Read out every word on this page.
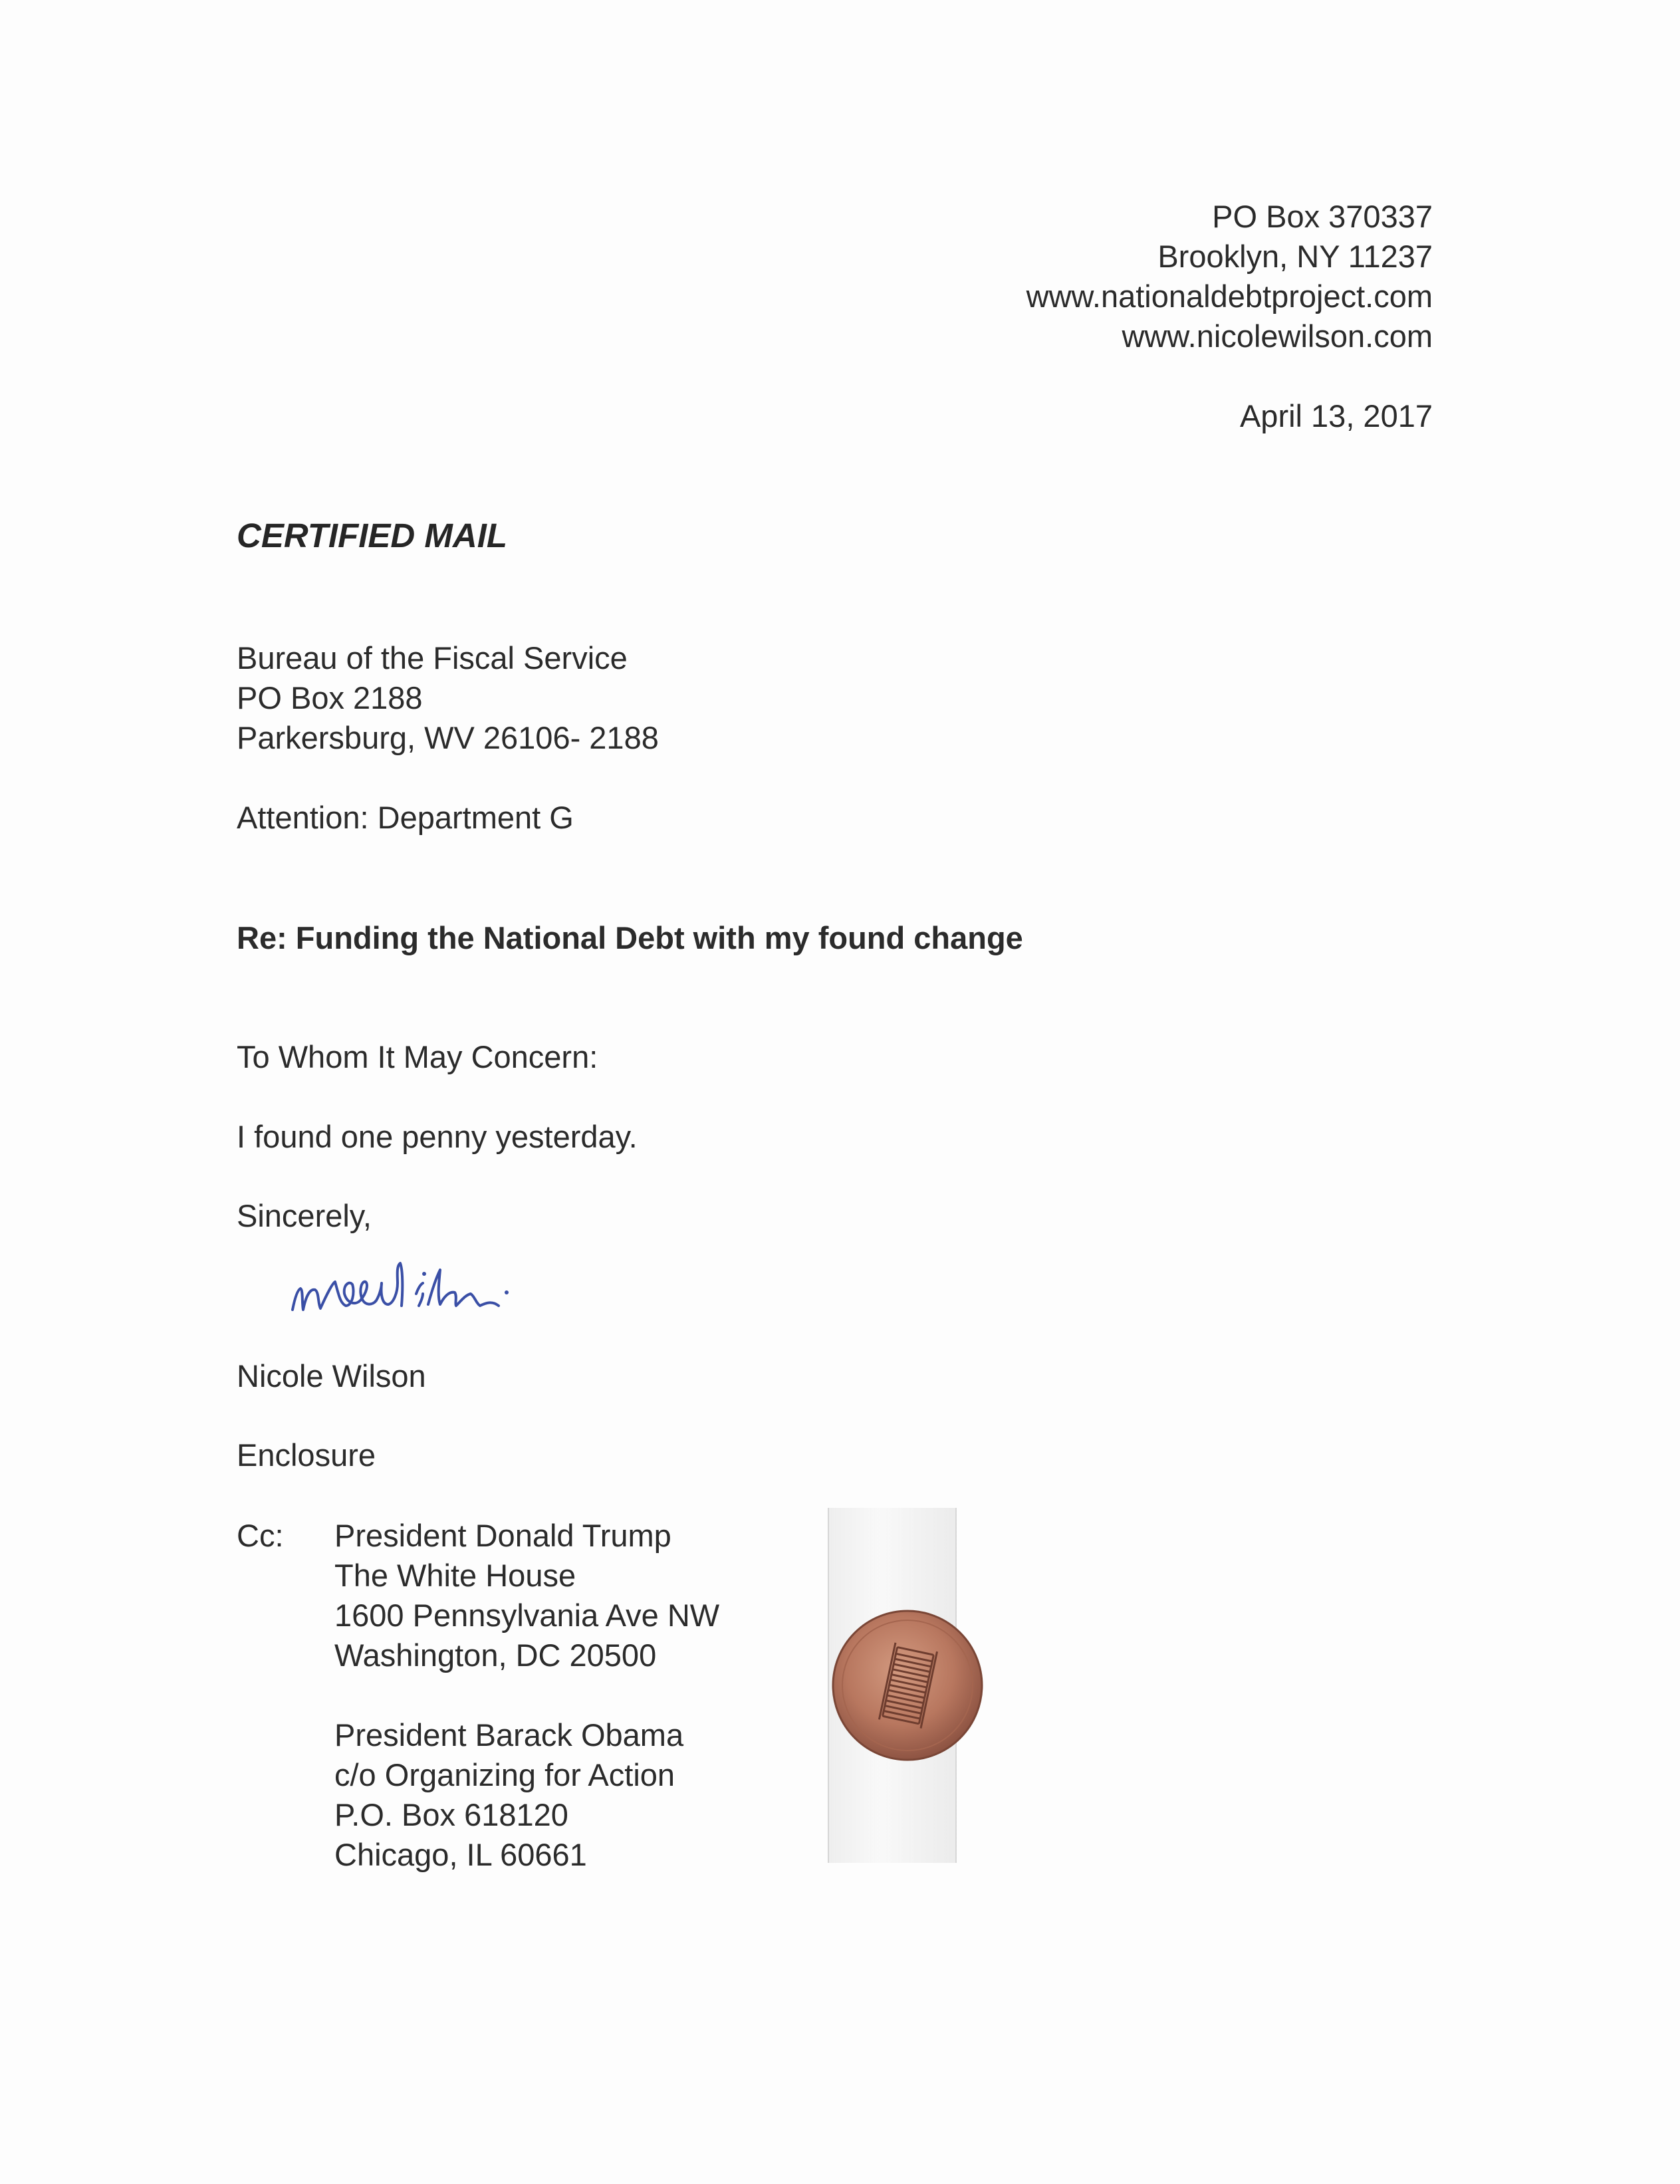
PO Box 370337
Brooklyn, NY 11237
www.nationaldebtproject.com
www.nicolewilson.com
April 13, 2017
CERTIFIED MAIL
Bureau of the Fiscal Service
PO Box 2188
Parkersburg, WV 26106- 2188
Attention: Department G
Re: Funding the National Debt with my found change
To Whom It May Concern:
I found one penny yesterday.
Sincerely,
Nicole Wilson
Enclosure
Cc: President Donald Trump
The White House
1600 Pennsylvania Ave NW
Washington, DC 20500
President Barack Obama
c/o Organizing for Action
P.O. Box 618120
Chicago, IL 60661
